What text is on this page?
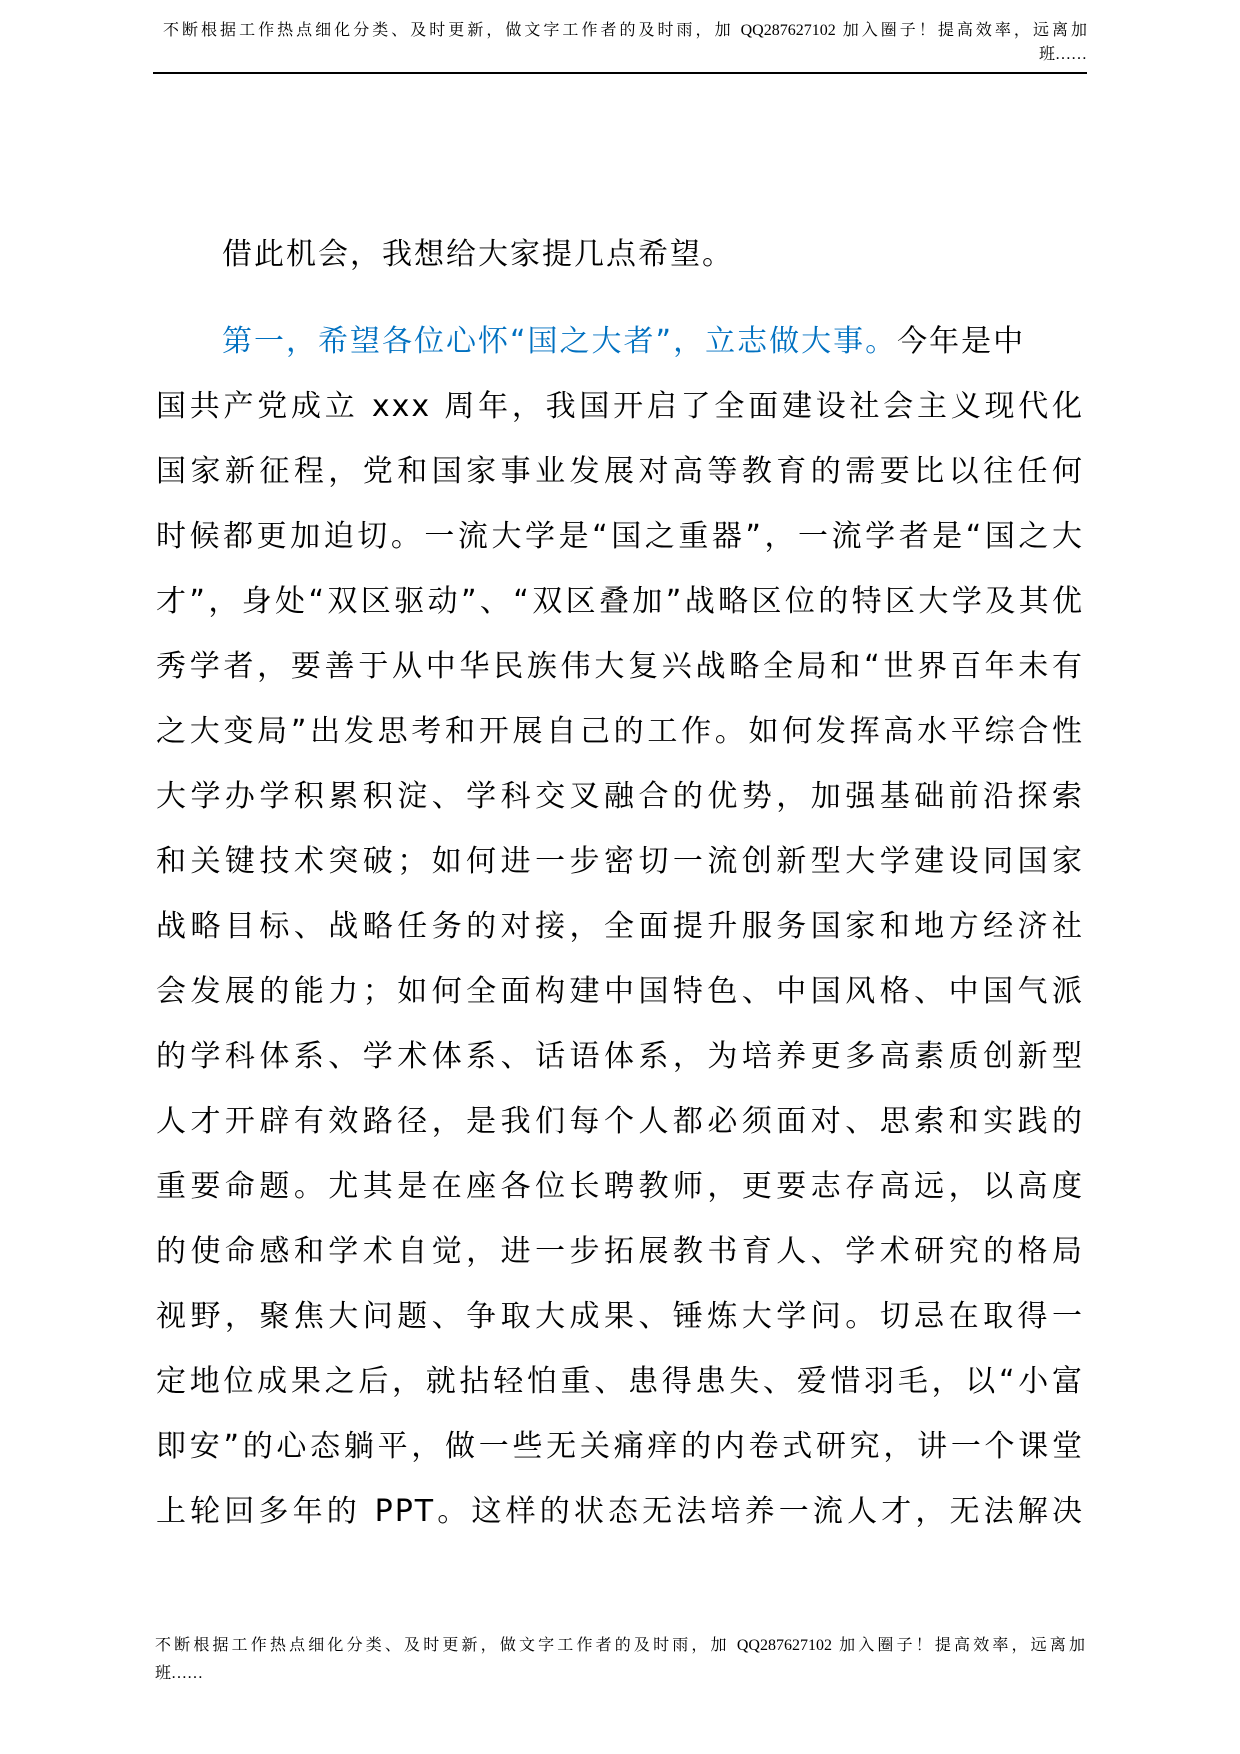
不断根据工作热点细化分类、及时更新，做文字工作者的及时雨，加 QQ287627102 加入圈子！提高效率，远离加
班……
借此机会，我想给大家提几点希望。
第一，希望各位心怀“国之大者”，立志做大事。今年是中
国共产党成立 xxx 周年，我国开启了全面建设社会主义现代化
国家新征程，党和国家事业发展对高等教育的需要比以往任何
时候都更加迫切。一流大学是“国之重器”，一流学者是“国之大
才”，身处“双区驱动”、“双区叠加”战略区位的特区大学及其优
秀学者，要善于从中华民族伟大复兴战略全局和“世界百年未有
之大变局”出发思考和开展自己的工作。如何发挥高水平综合性
大学办学积累积淀、学科交叉融合的优势，加强基础前沿探索
和关键技术突破；如何进一步密切一流创新型大学建设同国家
战略目标、战略任务的对接，全面提升服务国家和地方经济社
会发展的能力；如何全面构建中国特色、中国风格、中国气派
的学科体系、学术体系、话语体系，为培养更多高素质创新型
人才开辟有效路径，是我们每个人都必须面对、思索和实践的
重要命题。尤其是在座各位长聘教师，更要志存高远，以高度
的使命感和学术自觉，进一步拓展教书育人、学术研究的格局
视野，聚焦大问题、争取大成果、锤炼大学问。切忌在取得一
定地位成果之后，就拈轻怕重、患得患失、爱惜羽毛，以“小富
即安”的心态躺平，做一些无关痛痒的内卷式研究，讲一个课堂
上轮回多年的 PPT。这样的状态无法培养一流人才，无法解决
不断根据工作热点细化分类、及时更新，做文字工作者的及时雨，加 QQ287627102 加入圈子！提高效率，远离加
班……
